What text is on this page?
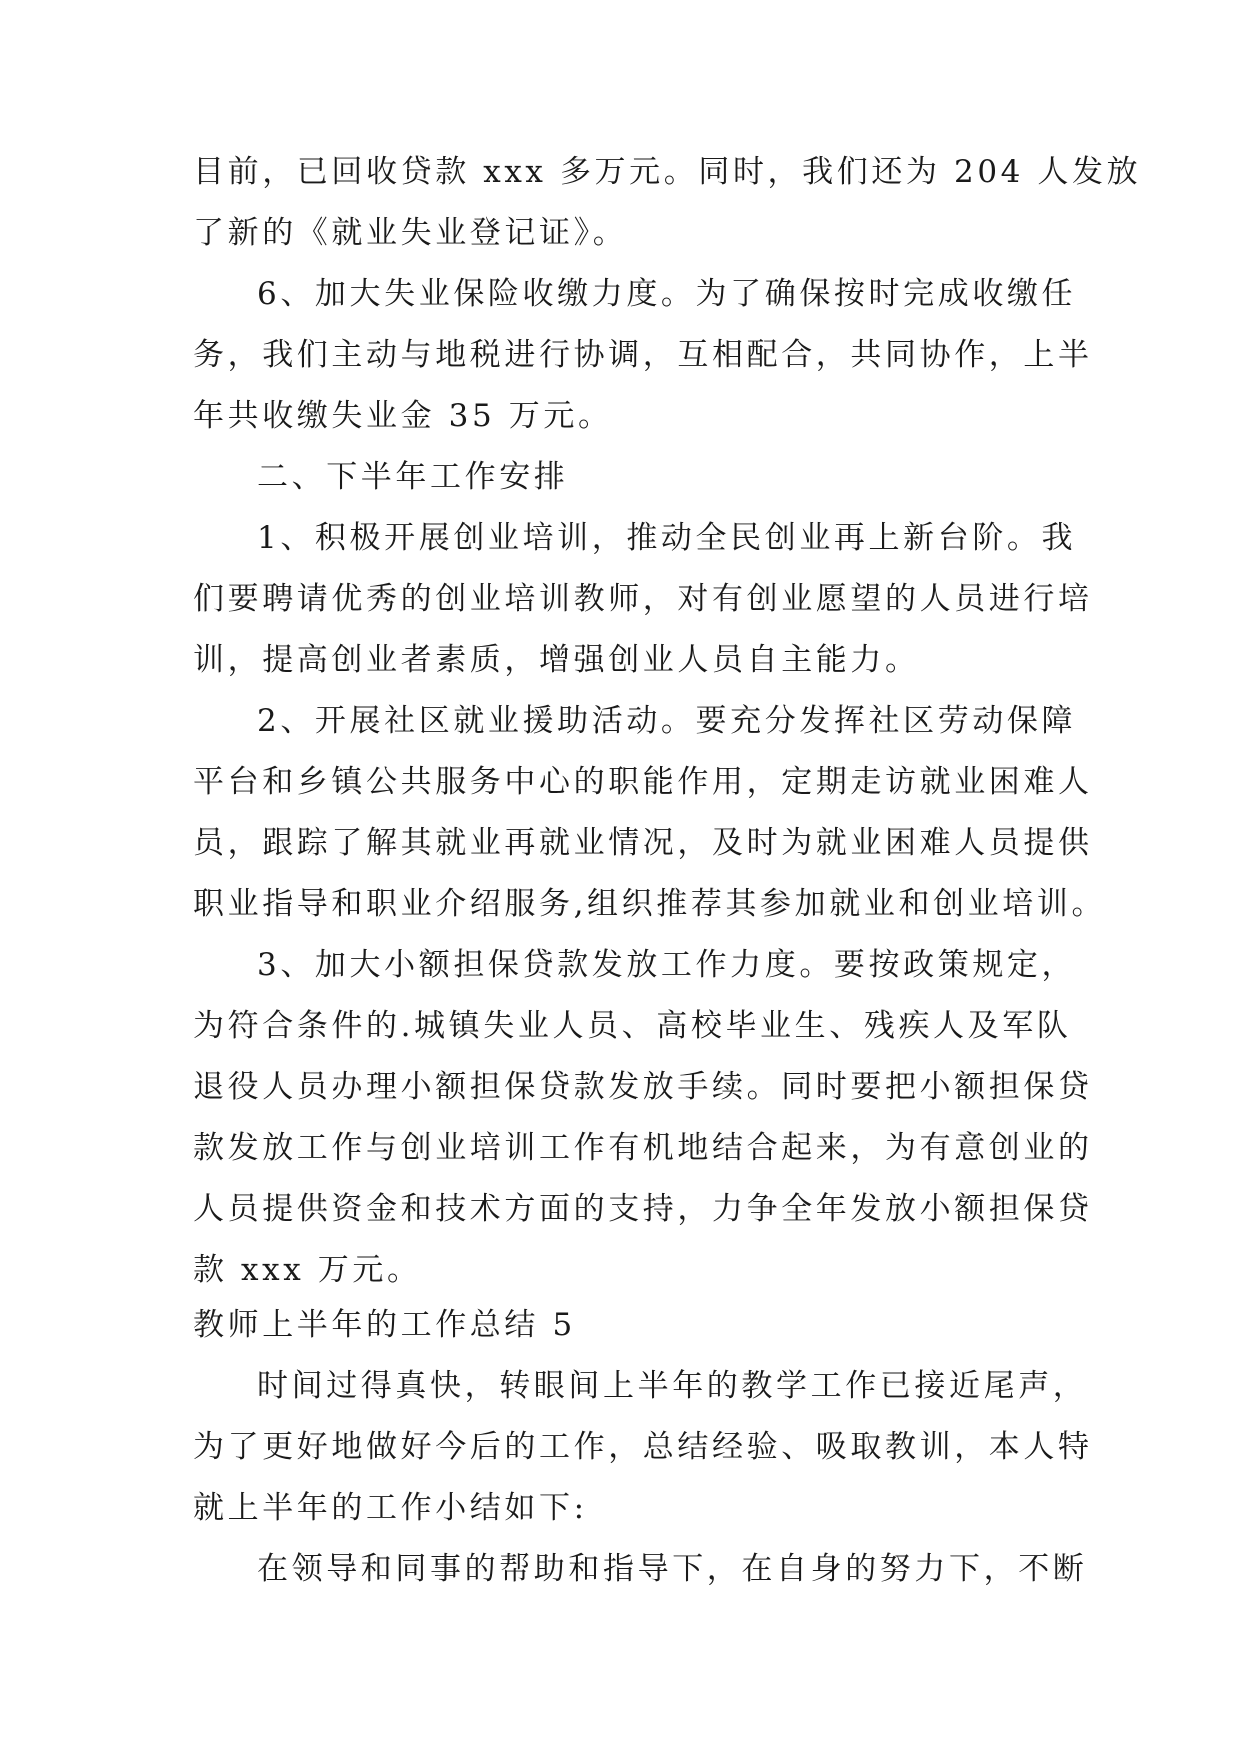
目前，已回收贷款 xxx 多万元。同时，我们还为 204 人发放
了新的《就业失业登记证》。
6、加大失业保险收缴力度。为了确保按时完成收缴任
务，我们主动与地税进行协调，互相配合，共同协作，上半
年共收缴失业金 35 万元。
二、下半年工作安排
1、积极开展创业培训，推动全民创业再上新台阶。我
们要聘请优秀的创业培训教师，对有创业愿望的人员进行培
训，提高创业者素质，增强创业人员自主能力。
2、开展社区就业援助活动。要充分发挥社区劳动保障
平台和乡镇公共服务中心的职能作用，定期走访就业困难人
员，跟踪了解其就业再就业情况，及时为就业困难人员提供
职业指导和职业介绍服务,组织推荐其参加就业和创业培训。
3、加大小额担保贷款发放工作力度。要按政策规定，
为符合条件的.城镇失业人员、高校毕业生、残疾人及军队
退役人员办理小额担保贷款发放手续。同时要把小额担保贷
款发放工作与创业培训工作有机地结合起来，为有意创业的
人员提供资金和技术方面的支持，力争全年发放小额担保贷
款 xxx 万元。
教师上半年的工作总结 5
时间过得真快，转眼间上半年的教学工作已接近尾声，
为了更好地做好今后的工作，总结经验、吸取教训，本人特
就上半年的工作小结如下:
在领导和同事的帮助和指导下，在自身的努力下，不断
